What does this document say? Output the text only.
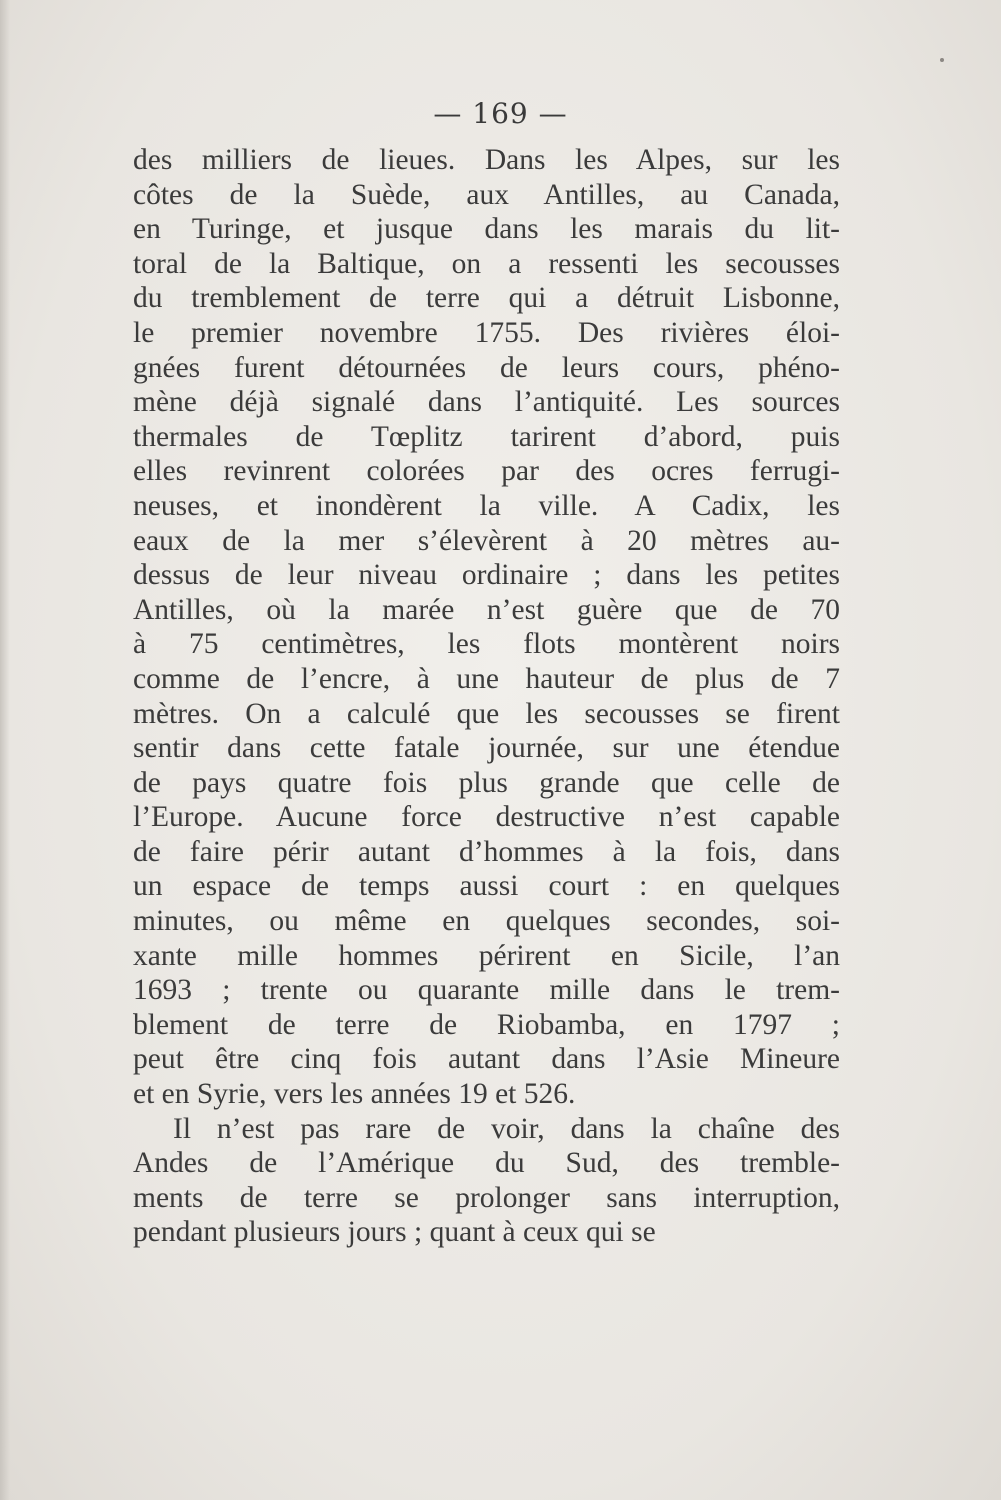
— 169 —
des milliers de lieues. Dans les Alpes, sur les
côtes de la Suède, aux Antilles, au Canada,
en Turinge, et jusque dans les marais du lit-
toral de la Baltique, on a ressenti les secousses
du tremblement de terre qui a détruit Lisbonne,
le premier novembre 1755. Des rivières éloi-
gnées furent détournées de leurs cours, phéno-
mène déjà signalé dans l’antiquité. Les sources
thermales de Tœplitz tarirent d’abord, puis
elles revinrent colorées par des ocres ferrugi-
neuses, et inondèrent la ville. A Cadix, les
eaux de la mer s’élevèrent à 20 mètres au-
dessus de leur niveau ordinaire ; dans les petites
Antilles, où la marée n’est guère que de 70
à 75 centimètres, les flots montèrent noirs
comme de l’encre, à une hauteur de plus de 7
mètres. On a calculé que les secousses se firent
sentir dans cette fatale journée, sur une étendue
de pays quatre fois plus grande que celle de
l’Europe. Aucune force destructive n’est capable
de faire périr autant d’hommes à la fois, dans
un espace de temps aussi court : en quelques
minutes, ou même en quelques secondes, soi-
xante mille hommes périrent en Sicile, l’an
1693 ; trente ou quarante mille dans le trem-
blement de terre de Riobamba, en 1797 ;
peut être cinq fois autant dans l’Asie Mineure
et en Syrie, vers les années 19 et 526.
Il n’est pas rare de voir, dans la chaîne des
Andes de l’Amérique du Sud, des tremble-
ments de terre se prolonger sans interruption,
pendant plusieurs jours ; quant à ceux qui se
